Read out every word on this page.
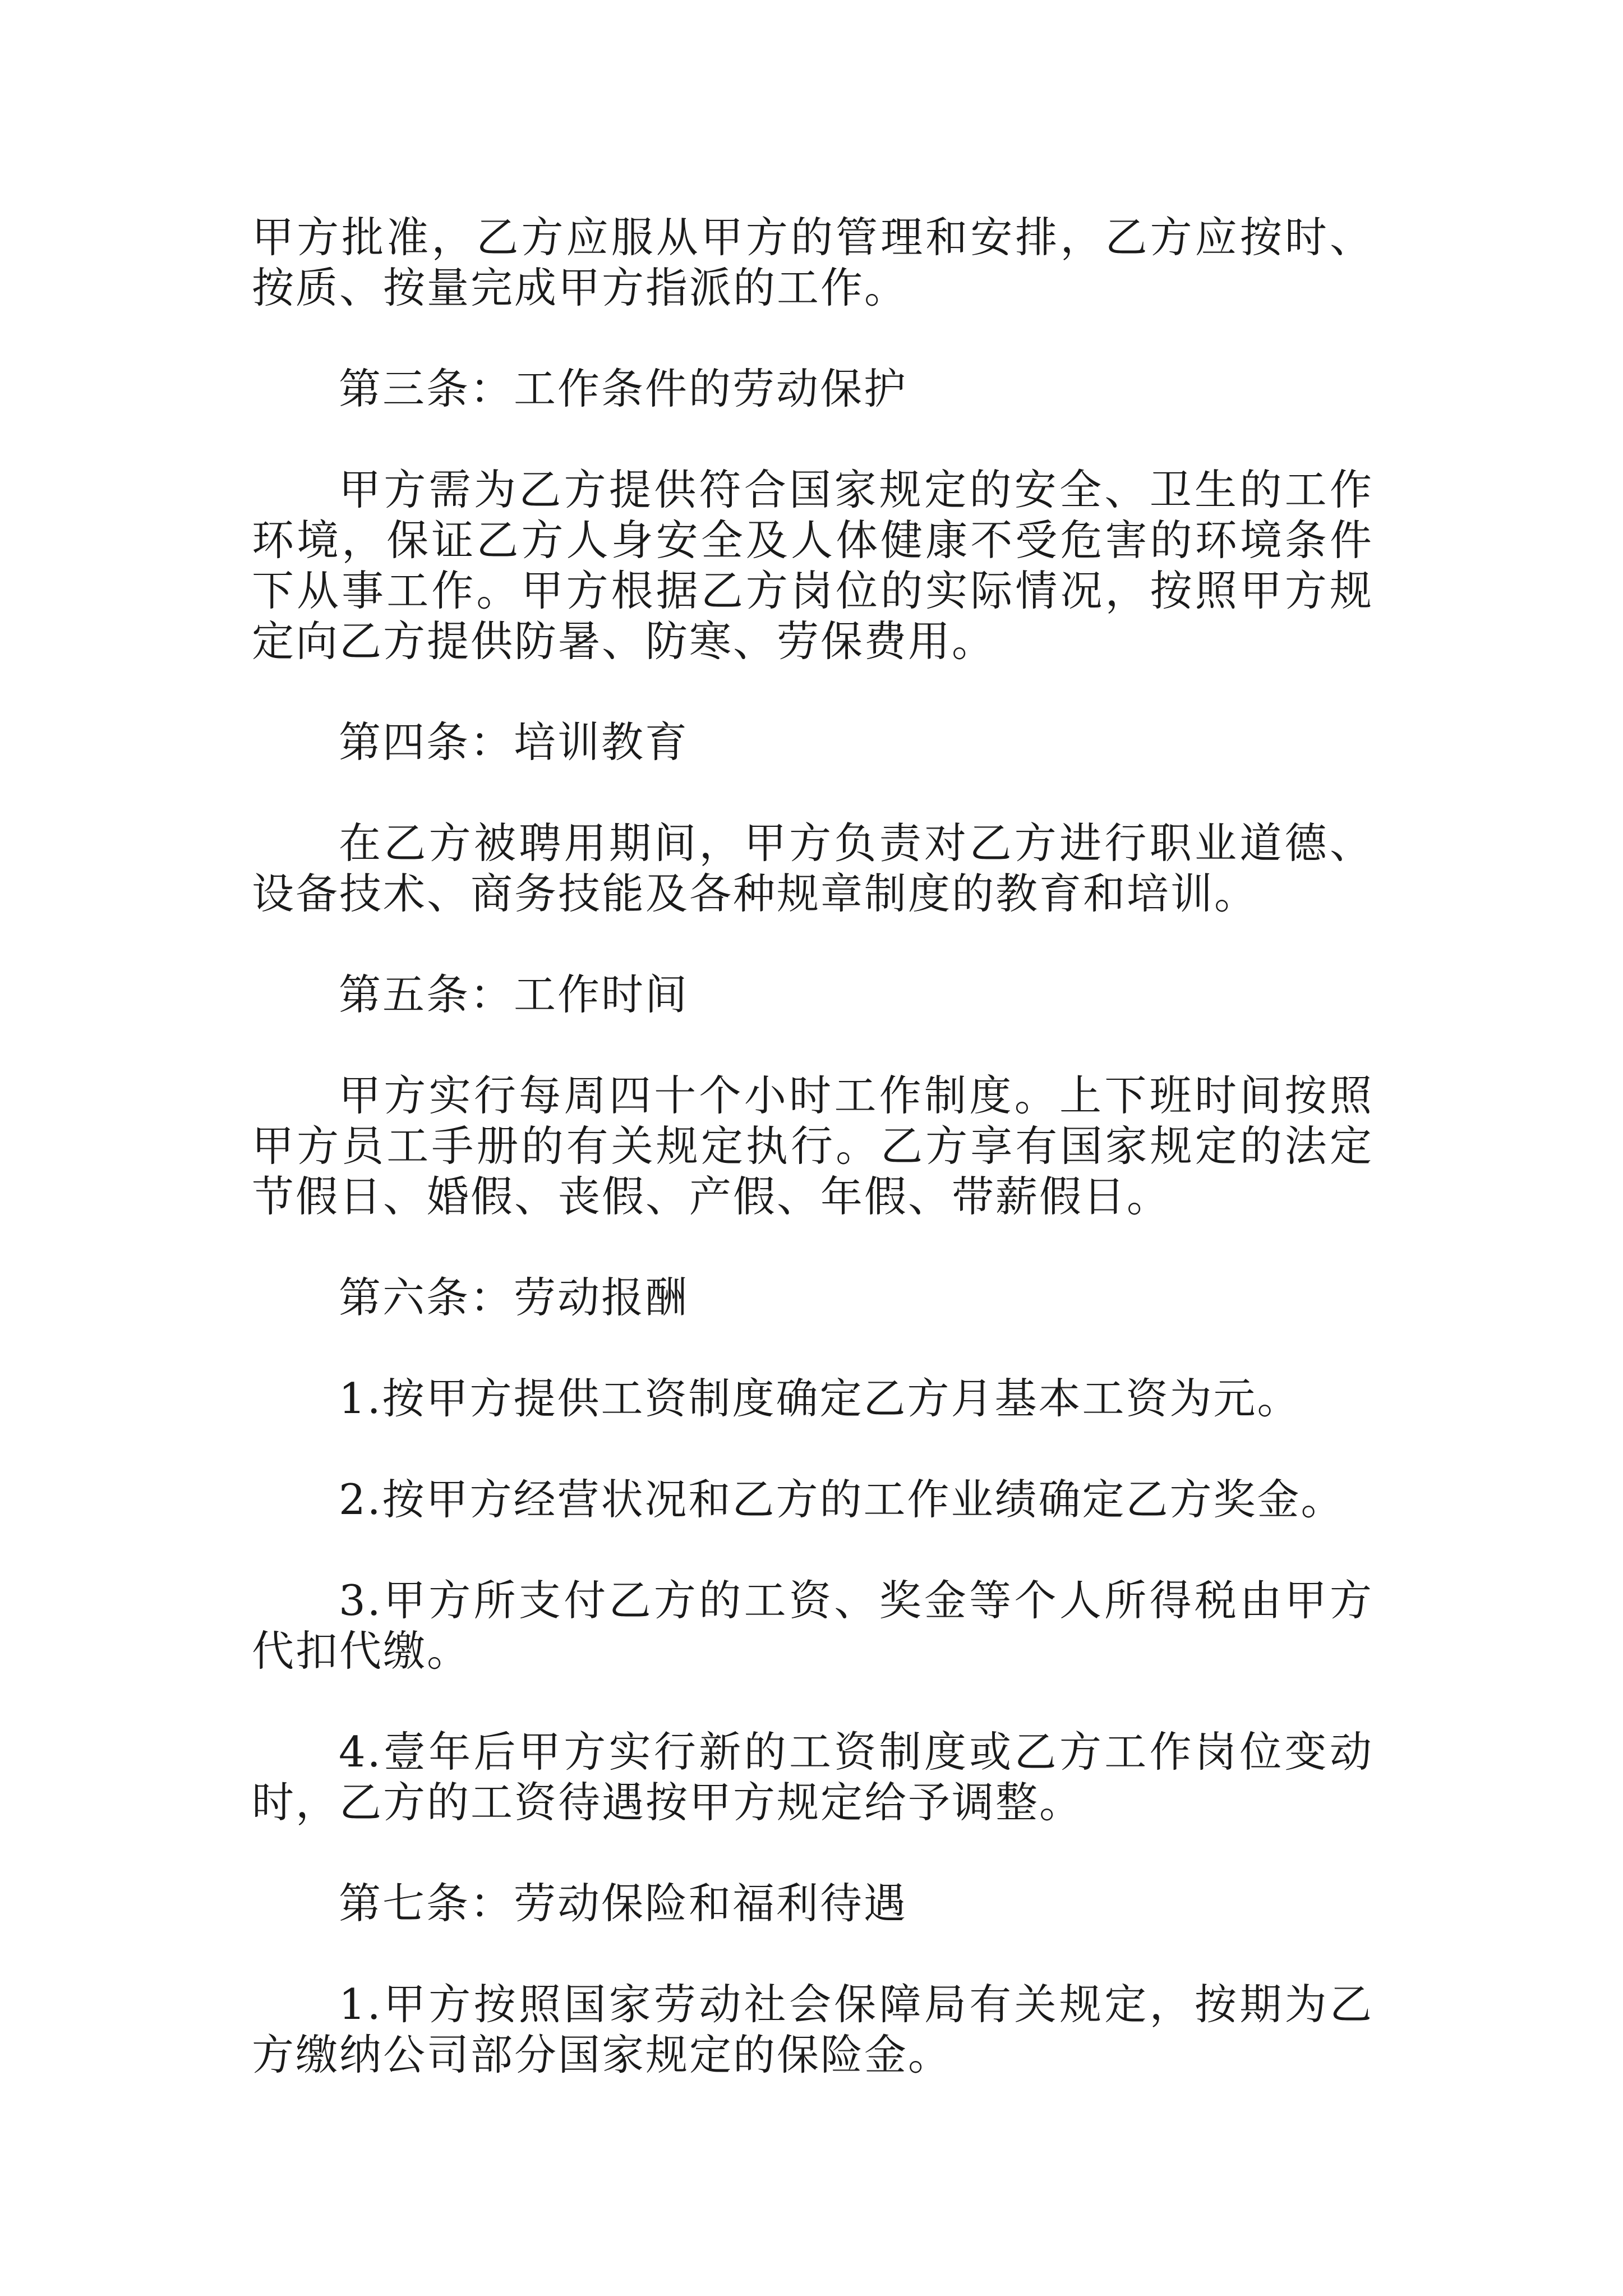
甲方批准，乙方应服从甲方的管理和安排，乙方应按时、按质、按量完成甲方指派的工作。

第三条：工作条件的劳动保护

甲方需为乙方提供符合国家规定的安全、卫生的工作环境，保证乙方人身安全及人体健康不受危害的环境条件下从事工作。甲方根据乙方岗位的实际情况，按照甲方规定向乙方提供防暑、防寒、劳保费用。

第四条：培训教育

在乙方被聘用期间，甲方负责对乙方进行职业道德、设备技术、商务技能及各种规章制度的教育和培训。

第五条：工作时间

甲方实行每周四十个小时工作制度。上下班时间按照甲方员工手册的有关规定执行。乙方享有国家规定的法定节假日、婚假、丧假、产假、年假、带薪假日。

第六条：劳动报酬

1.按甲方提供工资制度确定乙方月基本工资为元。

2.按甲方经营状况和乙方的工作业绩确定乙方奖金。

3.甲方所支付乙方的工资、奖金等个人所得税由甲方代扣代缴。

4.壹年后甲方实行新的工资制度或乙方工作岗位变动时，乙方的工资待遇按甲方规定给予调整。

第七条：劳动保险和福利待遇

1.甲方按照国家劳动社会保障局有关规定，按期为乙方缴纳公司部分国家规定的保险金。
